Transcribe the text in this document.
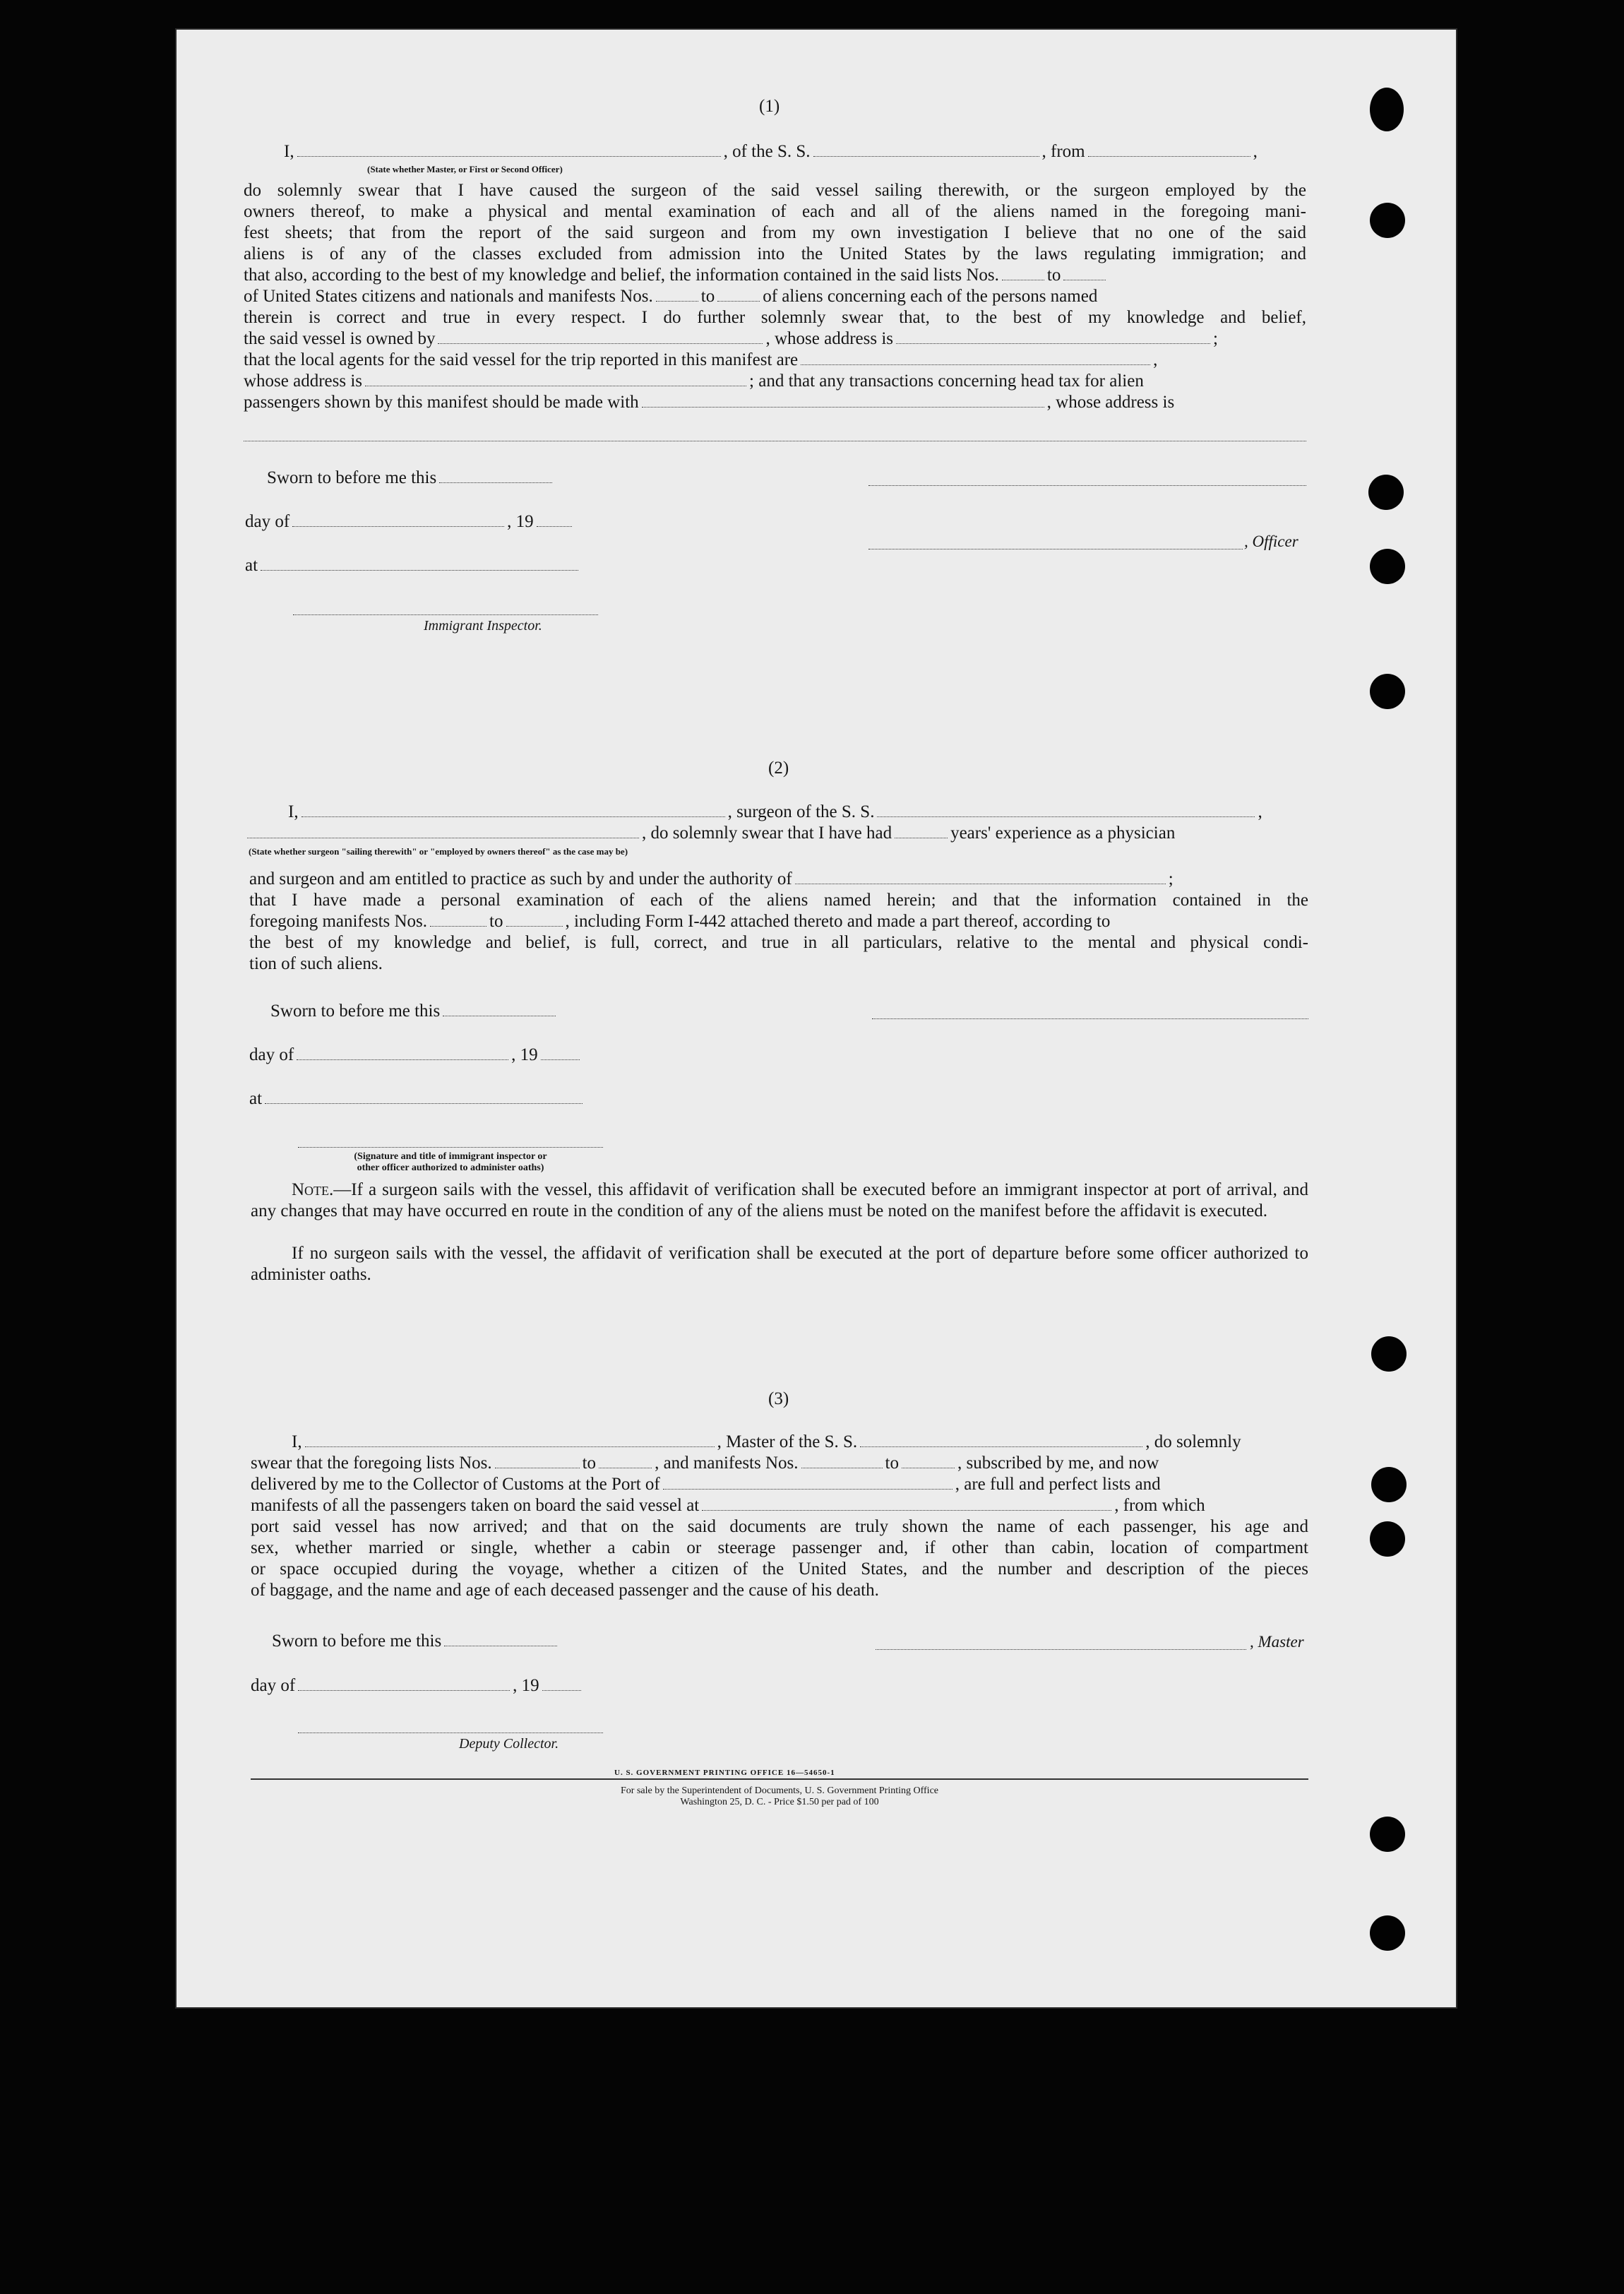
(1)
I,	, of the S. S.	, from	,
(State whether Master, or First or Second Officer)
do solemnly swear that I have caused the surgeon of the said vessel sailing therewith, or the surgeon employed by the
owners thereof, to make a physical and mental examination of each and all of the aliens named in the foregoing mani-
fest sheets; that from the report of the said surgeon and from my own investigation I believe that no one of the said
aliens is of any of the classes excluded from admission into the United States by the laws regulating immigration; and
that also, according to the best of my knowledge and belief, the information contained in the said lists Nos.	to
of United States citizens and nationals and manifests Nos.	to	of aliens concerning each of the persons named
therein is correct and true in every respect. I do further solemnly swear that, to the best of my knowledge and belief,
the said vessel is owned by	, whose address is	;
that the local agents for the said vessel for the trip reported in this manifest are	,
whose address is	; and that any transactions concerning head tax for alien
passengers shown by this manifest should be made with	, whose address is
Sworn to before me this
day of	, 19
at
Immigrant Inspector.
, Officer
(2)
I,	, surgeon of the S. S.	,
, do solemnly swear that I have had	years' experience as a physician
(State whether surgeon "sailing therewith" or "employed by owners thereof" as the case may be)
and surgeon and am entitled to practice as such by and under the authority of	;
that I have made a personal examination of each of the aliens named herein; and that the information contained in the
foregoing manifests Nos.	to	, including Form I-442 attached thereto and made a part thereof, according to
the best of my knowledge and belief, is full, correct, and true in all particulars, relative to the mental and physical condi-
tion of such aliens.
Sworn to before me this
day of	, 19
at
(Signature and title of immigrant inspector or
other officer authorized to administer oaths)
Note.—If a surgeon sails with the vessel, this affidavit of verification shall be executed before an immigrant inspector at port of arrival, and any changes that may have occurred en route in the condition of any of the aliens must be noted on the manifest before the affidavit is executed.
If no surgeon sails with the vessel, the affidavit of verification shall be executed at the port of departure before some officer authorized to administer oaths.
(3)
I,	, Master of the S. S.	, do solemnly
swear that the foregoing lists Nos.	to	, and manifests Nos.	to	, subscribed by me, and now
delivered by me to the Collector of Customs at the Port of	, are full and perfect lists and
manifests of all the passengers taken on board the said vessel at	, from which
port said vessel has now arrived; and that on the said documents are truly shown the name of each passenger, his age and
sex, whether married or single, whether a cabin or steerage passenger and, if other than cabin, location of compartment
or space occupied during the voyage, whether a citizen of the United States, and the number and description of the pieces
of baggage, and the name and age of each deceased passenger and the cause of his death.
Sworn to before me this
day of	, 19
Deputy Collector.
, Master
U. S. GOVERNMENT PRINTING OFFICE 16—54650-1
For sale by the Superintendent of Documents, U. S. Government Printing Office
Washington 25, D. C. - Price $1.50 per pad of 100
